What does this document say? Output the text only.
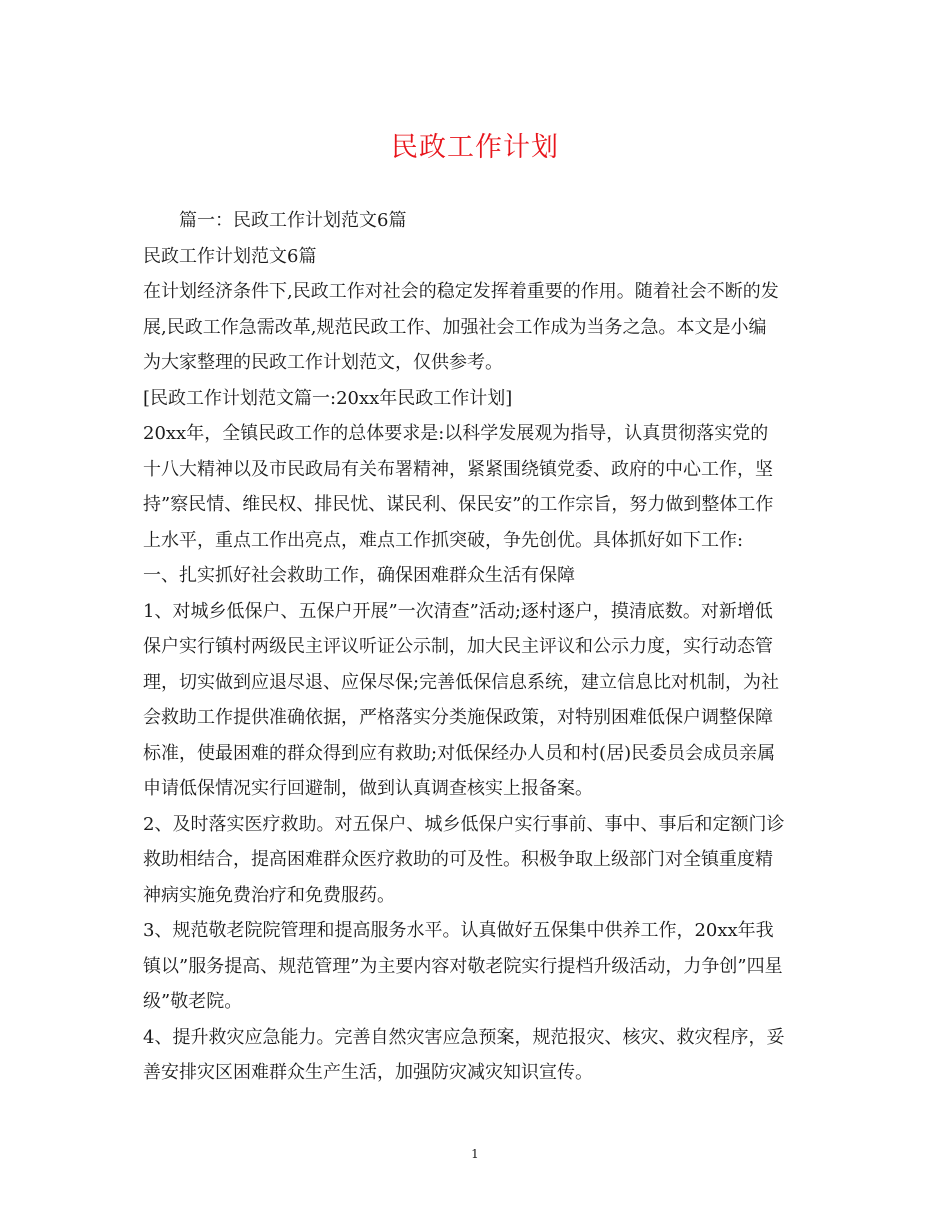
民政工作计划
篇一：民政工作计划范文6篇
民政工作计划范文6篇
在计划经济条件下,民政工作对社会的稳定发挥着重要的作用。随着社会不断的发
展,民政工作急需改革,规范民政工作、加强社会工作成为当务之急。本文是小编
为大家整理的民政工作计划范文，仅供参考。
[民政工作计划范文篇一:20xx年民政工作计划]
20xx年，全镇民政工作的总体要求是:以科学发展观为指导，认真贯彻落实党的
十八大精神以及市民政局有关布署精神，紧紧围绕镇党委、政府的中心工作，坚
持”察民情、维民权、排民忧、谋民利、保民安”的工作宗旨，努力做到整体工作
上水平，重点工作出亮点，难点工作抓突破，争先创优。具体抓好如下工作:
一、扎实抓好社会救助工作，确保困难群众生活有保障
1、对城乡低保户、五保户开展”一次清查”活动;逐村逐户，摸清底数。对新增低
保户实行镇村两级民主评议听证公示制，加大民主评议和公示力度，实行动态管
理，切实做到应退尽退、应保尽保;完善低保信息系统，建立信息比对机制，为社
会救助工作提供准确依据，严格落实分类施保政策，对特别困难低保户调整保障
标准，使最困难的群众得到应有救助;对低保经办人员和村(居)民委员会成员亲属
申请低保情况实行回避制，做到认真调查核实上报备案。
2、及时落实医疗救助。对五保户、城乡低保户实行事前、事中、事后和定额门诊
救助相结合，提高困难群众医疗救助的可及性。积极争取上级部门对全镇重度精
神病实施免费治疗和免费服药。
3、规范敬老院院管理和提高服务水平。认真做好五保集中供养工作，20xx年我
镇以”服务提高、规范管理”为主要内容对敬老院实行提档升级活动，力争创”四星
级”敬老院。
4、提升救灾应急能力。完善自然灾害应急预案，规范报灾、核灾、救灾程序，妥
善安排灾区困难群众生产生活，加强防灾减灾知识宣传。
1
